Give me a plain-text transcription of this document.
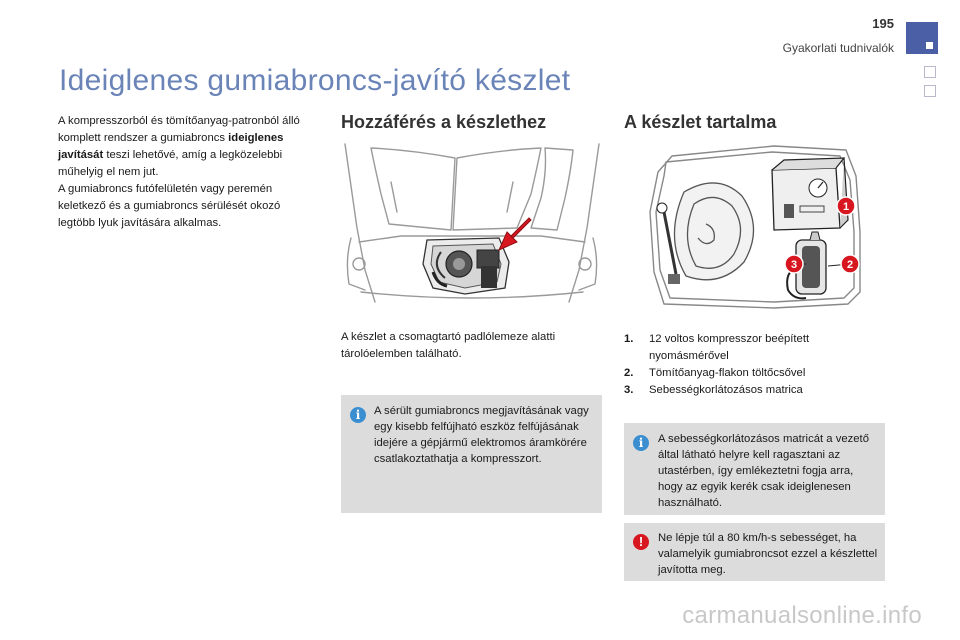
195
Gyakorlati tudnivalók
Ideiglenes gumiabroncs-javító készlet

A kompresszorból és tömítőanyag-patronból álló komplett rendszer a gumiabroncs ideiglenes javítását teszi lehetővé, amíg a legközelebbi műhelyig el nem jut.

A gumiabroncs futófelületén vagy peremén keletkező és a gumiabroncs sérülését okozó legtöbb lyuk javítására alkalmas.

Hozzáférés a készlethez
A készlet a csomagtartó padlólemeze alatti tárolóelemben található.
i	A sérült gumiabroncs megjavításának vagy egy kisebb felfújható eszköz felfújásának idejére a gépjármű elektromos áramkörére csatlakoztathatja a kompresszort.
A készlet tartalma
1
2
3
1. 12 voltos kompresszor beépített nyomásmérővel
2. Tömítőanyag-flakon töltőcsővel
3. Sebességkorlátozásos matrica
i	A sebességkorlátozásos matricát a vezető által látható helyre kell ragasztani az utastérben, így emlékeztetni fogja arra, hogy az egyik kerék csak ideiglenesen használható.
!	Ne lépje túl a 80 km/h-s sebességet, ha valamelyik gumiabroncsot ezzel a készlettel javította meg.
carmanualsonline.info
